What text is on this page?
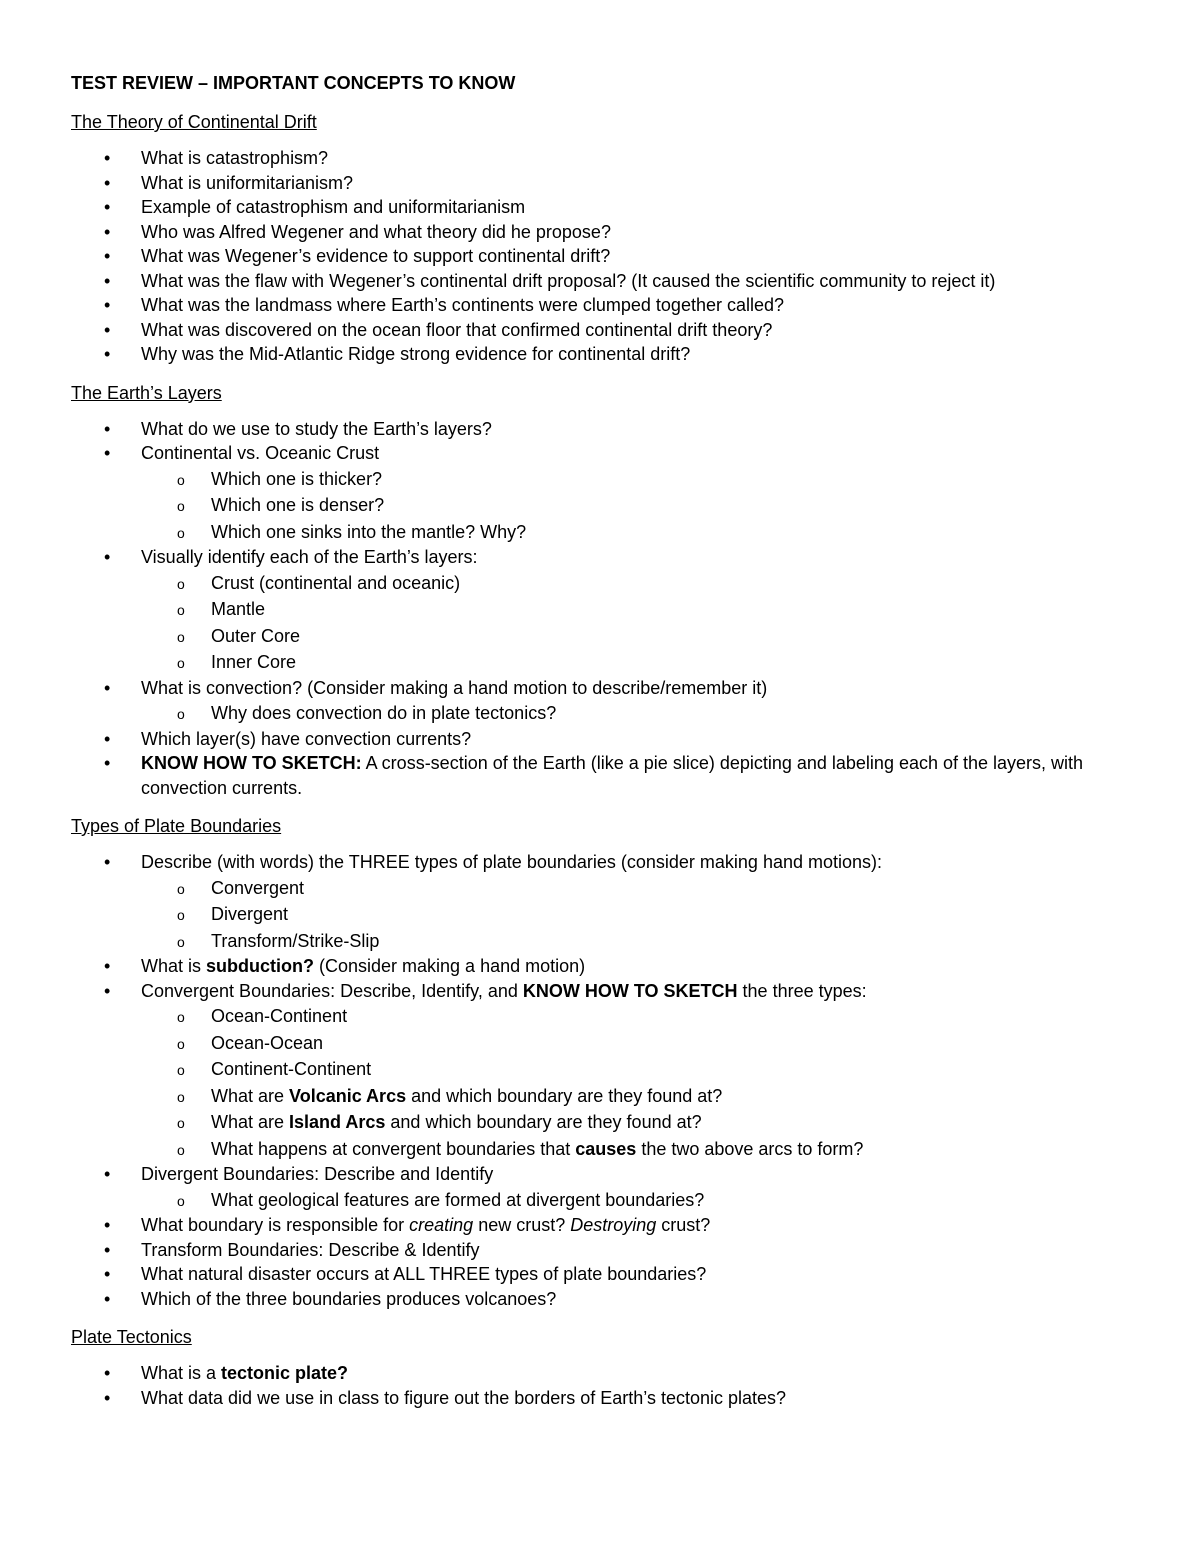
TEST REVIEW – IMPORTANT CONCEPTS TO KNOW
The Theory of Continental Drift
• What is catastrophism?
• What is uniformitarianism?
• Example of catastrophism and uniformitarianism
• Who was Alfred Wegener and what theory did he propose?
• What was Wegener’s evidence to support continental drift?
• What was the flaw with Wegener’s continental drift proposal? (It caused the scientific community to reject it)
• What was the landmass where Earth’s continents were clumped together called?
• What was discovered on the ocean floor that confirmed continental drift theory?
• Why was the Mid-Atlantic Ridge strong evidence for continental drift?
The Earth’s Layers
• What do we use to study the Earth’s layers?
• Continental vs. Oceanic Crust
o	Which one is thicker?
o	Which one is denser?
o	Which one sinks into the mantle? Why?
• Visually identify each of the Earth’s layers:
o	Crust (continental and oceanic)
o	Mantle
o	Outer Core
o	Inner Core
• What is convection? (Consider making a hand motion to describe/remember it)
o	Why does convection do in plate tectonics?
• Which layer(s) have convection currents?
• KNOW HOW TO SKETCH: A cross-section of the Earth (like a pie slice) depicting and labeling each of the layers, with convection currents.
Types of Plate Boundaries
• Describe (with words) the THREE types of plate boundaries (consider making hand motions):
o	Convergent
o	Divergent
o	Transform/Strike-Slip
• What is subduction? (Consider making a hand motion)
• Convergent Boundaries: Describe, Identify, and KNOW HOW TO SKETCH the three types:
o	Ocean-Continent
o	Ocean-Ocean
o	Continent-Continent
o	What are Volcanic Arcs and which boundary are they found at?
o	What are Island Arcs and which boundary are they found at?
o	What happens at convergent boundaries that causes the two above arcs to form?
• Divergent Boundaries: Describe and Identify
o	What geological features are formed at divergent boundaries?
• What boundary is responsible for creating new crust? Destroying crust?
• Transform Boundaries: Describe & Identify
• What natural disaster occurs at ALL THREE types of plate boundaries?
• Which of the three boundaries produces volcanoes?
Plate Tectonics
• What is a tectonic plate?
• What data did we use in class to figure out the borders of Earth’s tectonic plates?
